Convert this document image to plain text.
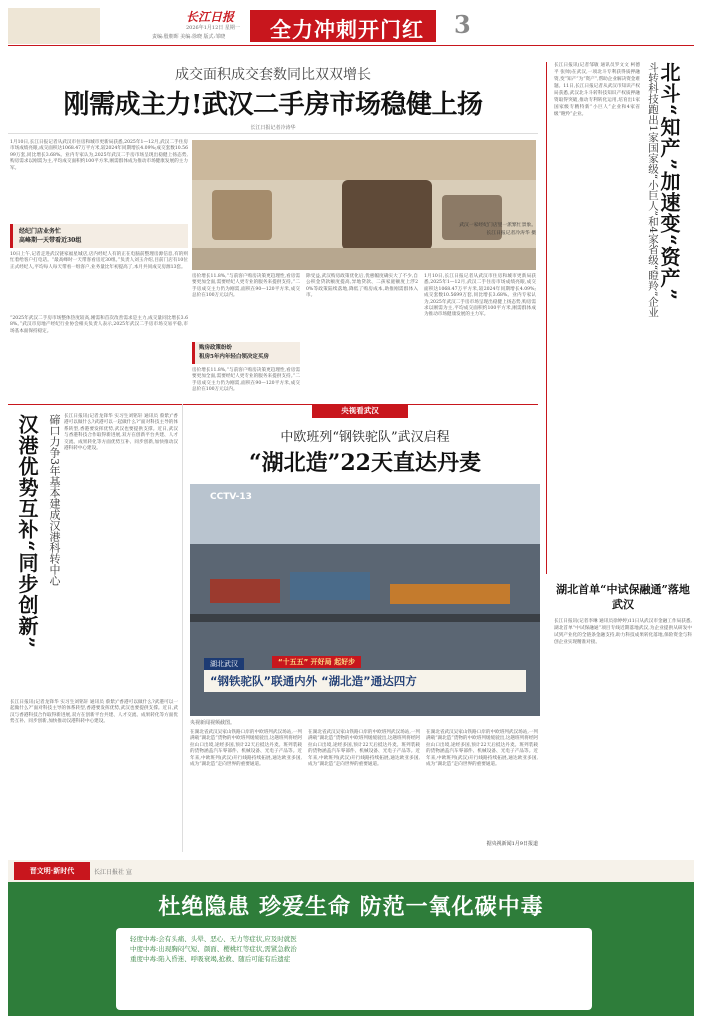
长江日报
2026年1月12日 星期一
责编:殷朝晖 美编:徐晓 版式:邹晓 全力冲刺开门红 3
成交面积成交套数同比双双增长
刚需成主力!武汉二手房市场稳健上扬
长江日报记者冷涛华
1月10日,长江日报记者从武汉市住房和城市更新局获悉,2025年1—12月,武汉二手住房市场成绩亮眼,成交面积达1068.47万平方米,较2024年同期增长4.09%;成交套数10.5699万套,同比增长3.68%。业内专家认为,2025年武汉二手房市场呈现出稳健上扬态势,购房需求以刚需为主,平均成交面积约100平方米,刚需群体成为推动市场健康发展的主力军。
经纪门店业务忙
高峰期一天带看近30组
10日上午,记者走进武汉链家福星城店,店内经纪人有的正在电脑前整理房源信息,有的则忙着给客户打电话。“最高峰时一天带客看房近30组。”负责人刘玉介绍,目前门店有10位正式经纪人,平均每人每天带看一组客户,业务量比年初提高了,本月共同成交房源13套。
“2025年武汉二手房市场整体热度较高,刚需和首次改善需求是主力,成交量同比增长3.68%。”武汉市房地产经纪行业协会相关负责人表示,2025年武汉二手房市场交易平稳,市场基本面保持稳定。
武汉一家经纪门店里一派繁忙景象。
长江日报记者冷涛华 摄
房价增长11.8%,“与前客户购房决策更趋理性,看房需要更加全面,需要经纪人更专业的服务来提供支持。”二手房成交主力仍为刚需,面积在90—120平方米,成交总价在100万元以内。
购房政策纷纷
租房5年内年轻白领决定买房
房价增长11.8%,“与前客户购房决策更趋理性,看房需要更加全面,需要经纪人更专业的服务来提供支持。”二手房成交主力仍为刚需,面积在90—120平方米,成交总价在100万元以内。
除受益,武汉购房政策优化后,优惠幅度确实大了不少,自公积金贷款额度提高,异地贷款、二孩家庭额度上浮20%等政策陆续落地,降低了购房成本,助推刚需群体入市。
1月10日,长江日报记者从武汉市住房和城市更新局获悉,2025年1—12月,武汉二手住房市场成绩亮眼,成交面积达1068.47万平方米,较2024年同期增长4.09%;成交套数10.5699万套,同比增长3.68%。业内专家认为,2025年武汉二手房市场呈现出稳健上扬态势,购房需求以刚需为主,平均成交面积约100平方米,刚需群体成为推动市场健康发展的主力军。
长江日报讯(记者邹敏 通讯员罗文文 柯德平 张帅)在武汉,一项北斗专利获得质押融资,变“知产”为“资产”,帮助企业解决资金难题。11日,长江日报记者从武汉市知识产权局获悉,武汉北斗斗转科技知识产权质押融资取得突破,推动专利转化运用,培育出1家国家级专精特新“小巨人”企业和4家省级“瞪羚”企业。	北斗“知产”加速变“资产”
斗转科技跑出1家国家级“小巨人”和4家省级“瞪羚”企业
湖北首单“中试保融通”落地武汉
长江日报讯(记者李琳 通讯员徐婷婷)11日从武汉市金融工作局获悉,湖北首单“中试保融通”项目专线近期落地武汉,为企业提供从研发中试到产业化的全链条金融支持,助力科技成果转化落地,保险资金与科创企业实现精准对接。
汉港优势互补“同步创新” 碲口力争3年基本建成汉港科转中心 长江日报讯(记者龙锋华 实习生刘铭轩 通讯员 蔡紫)“香港可以做什么?武港可以一起做什么?”面对科技主导的体系转型,香港要发挥优势,武汉也要提供支撑。近日,武汉与香港科技合作取得新进展,双方在创新平台共建、人才交流、成果转化等方面优势互补、同步创新,加快推动汉港科转中心建设。
长江日报讯(记者龙锋华 实习生刘铭轩 通讯员 蔡紫)“香港可以做什么?武港可以一起做什么?”面对科技主导的体系转型,香港要发挥优势,武汉也要提供支撑。近日,武汉与香港科技合作取得新进展,双方在创新平台共建、人才交流、成果转化等方面优势互补、同步创新,加快推动汉港科转中心建设。
央视看武汉
中欧班列“钢铁驼队”武汉启程
“湖北造”22天直达丹麦
CCTV-13
湖北武汉	“十五五” 开好局 起好步
“钢铁驼队”联通内外 “湖北造”通达四方
央视新闻视频截图。
在湖北省武汉吴家山铁路口岸的中欧班列武汉场站,一列满载“湖北造”货物的中欧班列缓缓驶出,这趟班列将经阿拉山口出境,途经多国,预计22天后抵达丹麦。班列装载的货物涵盖汽车零部件、机械设备、光电子产品等。近年来,中欧班列(武汉)开行线路持续拓展,通达欧亚多国,成为“湖北造”走向世界的重要通道。
在湖北省武汉吴家山铁路口岸的中欧班列武汉场站,一列满载“湖北造”货物的中欧班列缓缓驶出,这趟班列将经阿拉山口出境,途经多国,预计22天后抵达丹麦。班列装载的货物涵盖汽车零部件、机械设备、光电子产品等。近年来,中欧班列(武汉)开行线路持续拓展,通达欧亚多国,成为“湖北造”走向世界的重要通道。
在湖北省武汉吴家山铁路口岸的中欧班列武汉场站,一列满载“湖北造”货物的中欧班列缓缓驶出,这趟班列将经阿拉山口出境,途经多国,预计22天后抵达丹麦。班列装载的货物涵盖汽车零部件、机械设备、光电子产品等。近年来,中欧班列(武汉)开行线路持续拓展,通达欧亚多国,成为“湖北造”走向世界的重要通道。
据央视新闻1月9日报道
晋文明·新时代	长江日报社 宣
杜绝隐患 珍爱生命 防范一氧化碳中毒
轻度中毒:会有头痛、头晕、恶心、无力等症状,应及时就医
中度中毒:出现胸闷气短、颜面、樱桃红等症状,需紧急救治
重度中毒:陷入昏迷、呼吸衰竭,抢救、随后可能有后遗症
